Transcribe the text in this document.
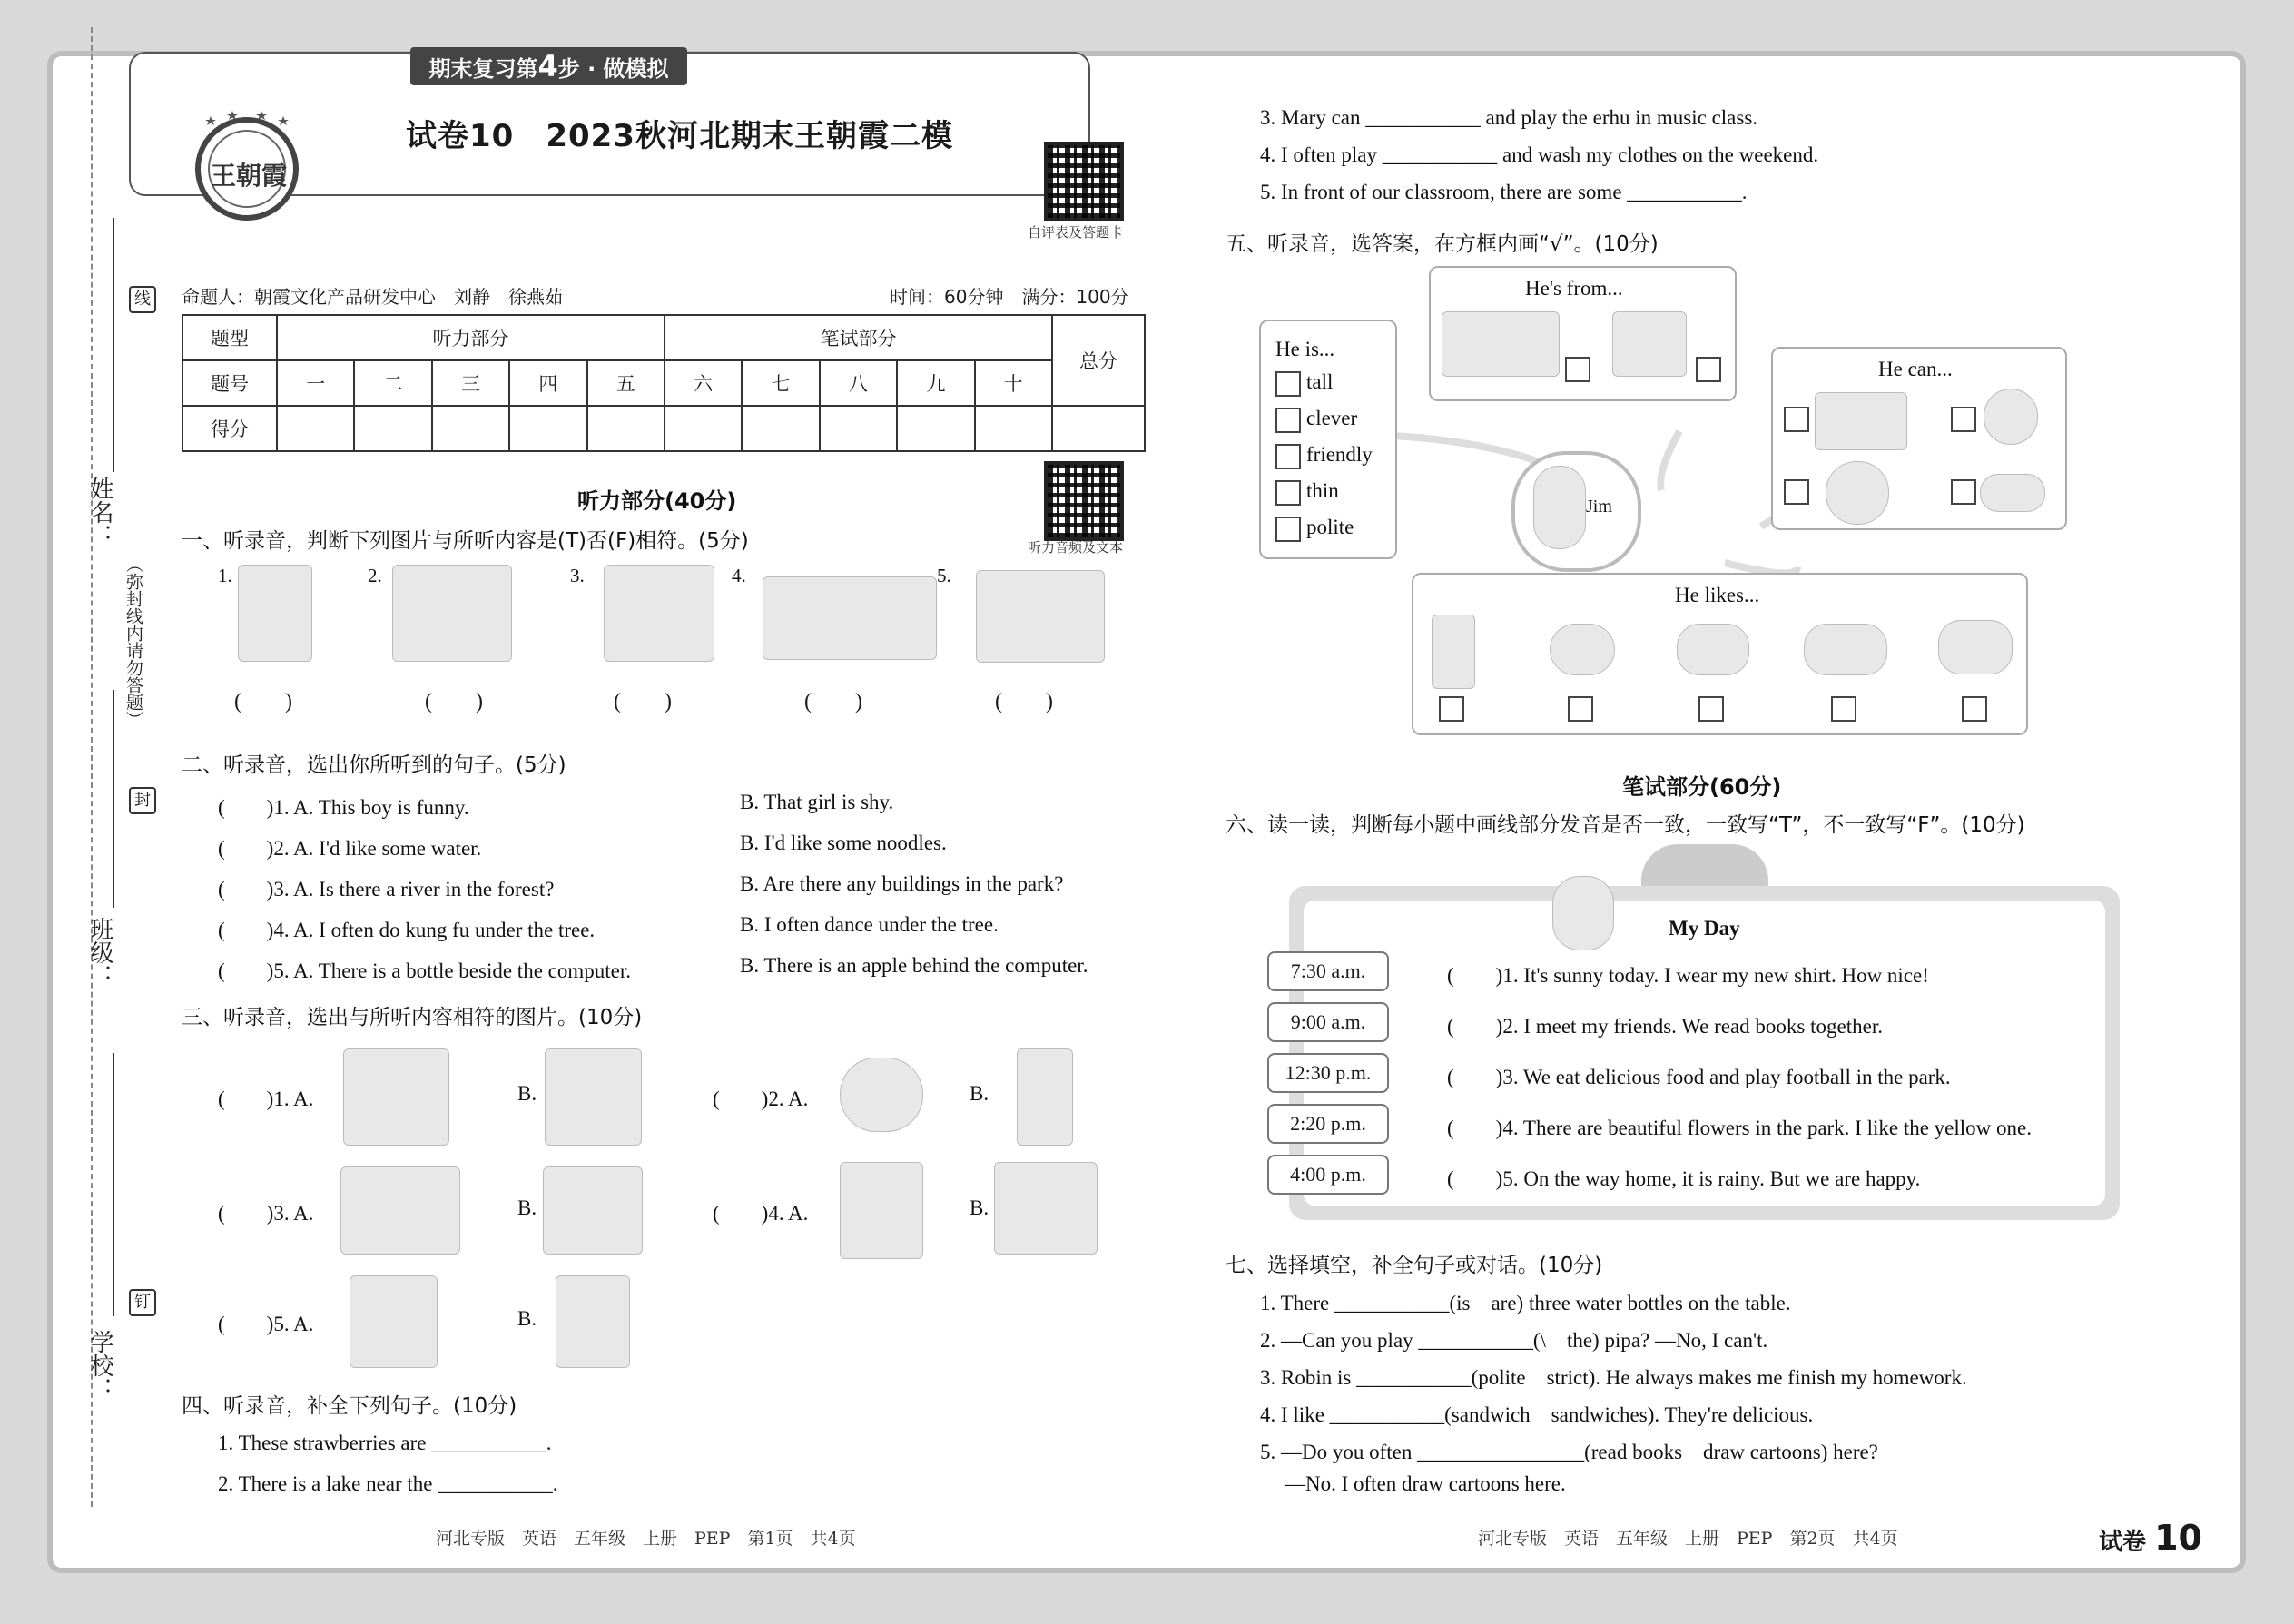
姓名：
班级：
学校：
（弥封线内请勿答题）
线
封
钉
王朝霞
期末复习第4步 · 做模拟
试卷10　2023秋河北期末王朝霞二模
自评表及答题卡
命题人：朝霞文化产品研发中心　刘静　徐燕茹	时间：60分钟　满分：100分
题型	听力部分					笔试部分					总分
题号	一	二	三	四	五	六	七	八	九	十	
得分											
听力部分(40分)
听力音频及文本
一、听录音，判断下列图片与所听内容是(T)否(F)相符。(5分)
1.	2.	3.	4.	5.
(　　)	(　　)	(　　)	(　　)	(　　)
二、听录音，选出你所听到的句子。(5分)
(　　)1. A. This boy is funny.	B. That girl is shy.
(　　)2. A. I'd like some water.	B. I'd like some noodles.
(　　)3. A. Is there a river in the forest?	B. Are there any buildings in the park?
(　　)4. A. I often do kung fu under the tree.	B. I often dance under the tree.
(　　)5. A. There is a bottle beside the computer.	B. There is an apple behind the computer.
三、听录音，选出与所听内容相符的图片。(10分)
(　　)1. A.	B.	(　　)2. A.	B.
(　　)3. A.	B.	(　　)4. A.	B.
(　　)5. A.	B.
四、听录音，补全下列句子。(10分)
1. These strawberries are ___________.
2. There is a lake near the ___________.
河北专版　英语　五年级　上册　PEP　第1页　共4页
3. Mary can ___________ and play the erhu in music class.
4. I often play ___________ and wash my clothes on the weekend.
5. In front of our classroom, there are some ___________.
五、听录音，选答案，在方框内画“√”。(10分)
He is...
tall
clever
friendly
thin
polite
He's from...
He can...
Jim
He likes...
笔试部分(60分)
六、读一读，判断每小题中画线部分发音是否一致，一致写“T”，不一致写“F”。(10分)
My Day
7:30 a.m.	(　　)1. It's sunny today. I wear my new shirt. How nice!
9:00 a.m.	(　　)2. I meet my friends. We read books together.
12:30 p.m.	(　　)3. We eat delicious food and play football in the park.
2:20 p.m.	(　　)4. There are beautiful flowers in the park. I like the yellow one.
4:00 p.m.	(　　)5. On the way home, it is rainy. But we are happy.
七、选择填空，补全句子或对话。(10分)
1. There ___________(is　are) three water bottles on the table.
2. —Can you play ___________(\　the) pipa? —No, I can't.
3. Robin is ___________(polite　strict). He always makes me finish my homework.
4. I like ___________(sandwich　sandwiches). They're delicious.
5. —Do you often ________________(read books　draw cartoons) here?
—No. I often draw cartoons here.
河北专版　英语　五年级　上册　PEP　第2页　共4页	试卷 10
